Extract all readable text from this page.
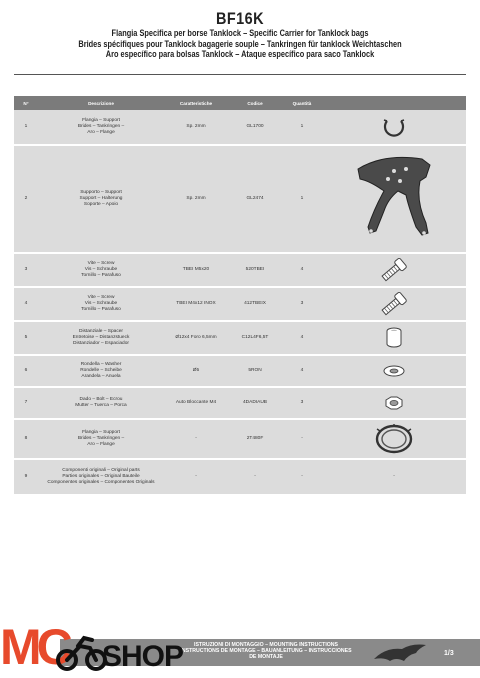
BF16K
Flangia Specifica per borse Tanklock – Specific Carrier for Tanklock bags
Brides spécifiques pour Tanklock bagagerie souple – Tankringen für tanklock Weichtaschen
Aro específico para bolsas Tanklock – Ataque específico para saco Tanklock
N°	Descrizione	Caratteristiche	Codice	Quantità
1
Flangia – Support
Brides – Tankringen –
Aro – Flange
Sp. 2mm	GL1700	1
2
Supporto – Support
Support – Halterung
Soporte – Apoio
Sp. 2mm	GL2474	1
3
Vite – Screw
Vis – Schraube
Tornillo – Parafuso
TBEI M5x20	520TBEI	4
4
Vite – Screw
Vis – Schraube
Tornillo – Parafuso
TBEI M4x12 INOX	412TBEIX	3
5
Distanziale – Spacer
Entretoise – Distanzstueck
Distanziador – Espaciador
Ø12x4 Foro 6,5mm	C12L4F6,5T	4
6
Rondella – Washer
Rondelle – Scheibe
Arandela – Anuela
Ø5	5RON	4
7
Dado – Bolt – Ecrou
Mutter – Tuerca – Porca
Auto Bloccante M4	4DADIAUB	3
8
Flangia – Support
Brides – Tankringen –
Aro – Flange
-	2T480F	-
9
Componenti originali – Original parts
Parties originales – Original Bauteile
Componentes originales – Componentes Originals
-	-	-	-
ISTRUZIONI DI MONTAGGIO – MOUNTING INSTRUCTIONS
INSTRUCTIONS DE MONTAGE – BAUANLEITUNG – INSTRUCCIONES
DE MONTAJE
1/3
MC SHOP
